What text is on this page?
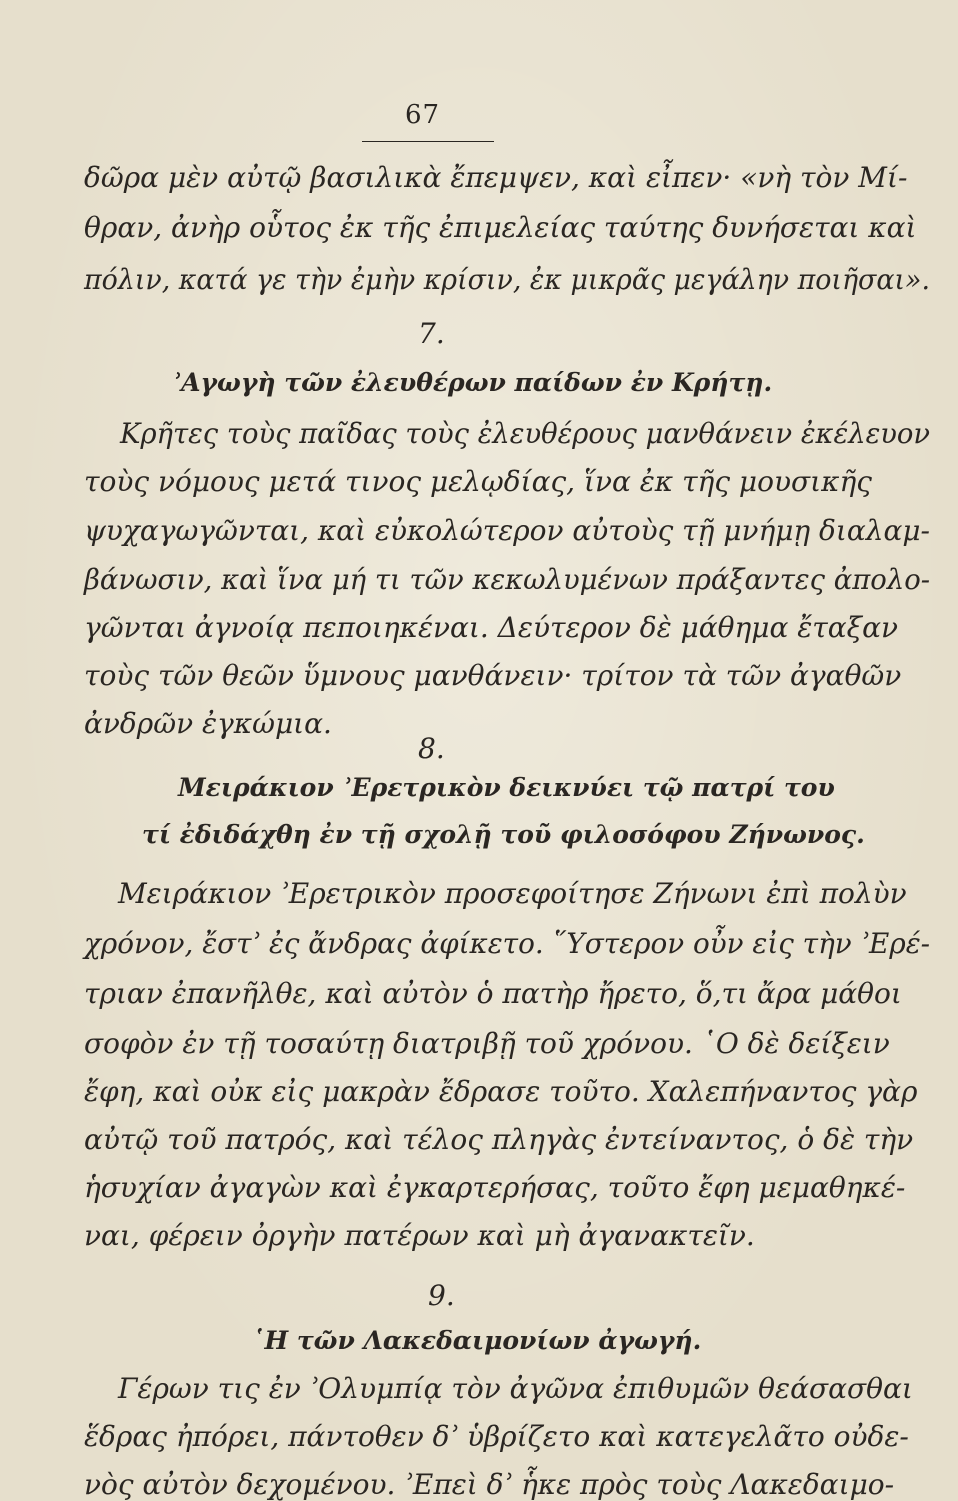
67
δῶρα μὲν αὐτῷ βασιλικὰ ἔπεμψεν, καὶ εἶπεν· «νὴ τὸν Μί-
θραν, ἀνὴρ οὗτος ἐκ τῆς ἐπιμελείας ταύτης δυνήσεται καὶ
πόλιν, κατά γε τὴν ἐμὴν κρίσιν, ἐκ μικρᾶς μεγάλην ποιῆσαι».
7.
ʾΑγωγὴ τῶν ἐλευθέρων παίδων ἐν Κρήτῃ.
Κρῆτες τοὺς παῖδας τοὺς ἐλευθέρους μανθάνειν ἐκέλευον
τοὺς νόμους μετά τινος μελῳδίας, ἵνα ἐκ τῆς μουσικῆς
ψυχαγωγῶνται, καὶ εὐκολώτερον αὐτοὺς τῇ μνήμῃ διαλαμ-
βάνωσιν, καὶ ἵνα μή τι τῶν κεκωλυμένων πράξαντες ἀπολο-
γῶνται ἀγνοίᾳ πεποιηκέναι. Δεύτερον δὲ μάθημα ἔταξαν
τοὺς τῶν θεῶν ὕμνους μανθάνειν· τρίτον τὰ τῶν ἀγαθῶν
ἀνδρῶν ἐγκώμια.
8.
Μειράκιον ʾΕρετρικὸν δεικνύει τῷ πατρί του
τί ἐδιδάχθη ἐν τῇ σχολῇ τοῦ φιλοσόφου Ζήνωνος.
Μειράκιον ʾΕρετρικὸν προσεφοίτησε Ζήνωνι ἐπὶ πολὺν
χρόνον, ἔστʾ ἐς ἄνδρας ἀφίκετο. ῞Υστερον οὖν εἰς τὴν ʾΕρέ-
τριαν ἐπανῆλθε, καὶ αὐτὸν ὁ πατὴρ ἤρετο, ὅ,τι ἄρα μάθοι
σοφὸν ἐν τῇ τοσαύτῃ διατριβῇ τοῦ χρόνου. ῾Ο δὲ δείξειν
ἔφη, καὶ οὐκ εἰς μακρὰν ἔδρασε τοῦτο. Χαλεπήναντος γὰρ
αὐτῷ τοῦ πατρός, καὶ τέλος πληγὰς ἐντείναντος, ὁ δὲ τὴν
ἡσυχίαν ἀγαγὼν καὶ ἐγκαρτερήσας, τοῦτο ἔφη μεμαθηκέ-
ναι, φέρειν ὀργὴν πατέρων καὶ μὴ ἀγανακτεῖν.
9.
῾Η τῶν Λακεδαιμονίων ἀγωγή.
Γέρων τις ἐν ʾΟλυμπίᾳ τὸν ἀγῶνα ἐπιθυμῶν θεάσασθαι
ἕδρας ἠπόρει, πάντοθεν δʾ ὑβρίζετο καὶ κατεγελᾶτο οὐδε-
νὸς αὐτὸν δεχομένου. ʾΕπεὶ δʾ ἧκε πρὸς τοὺς Λακεδαιμο-
